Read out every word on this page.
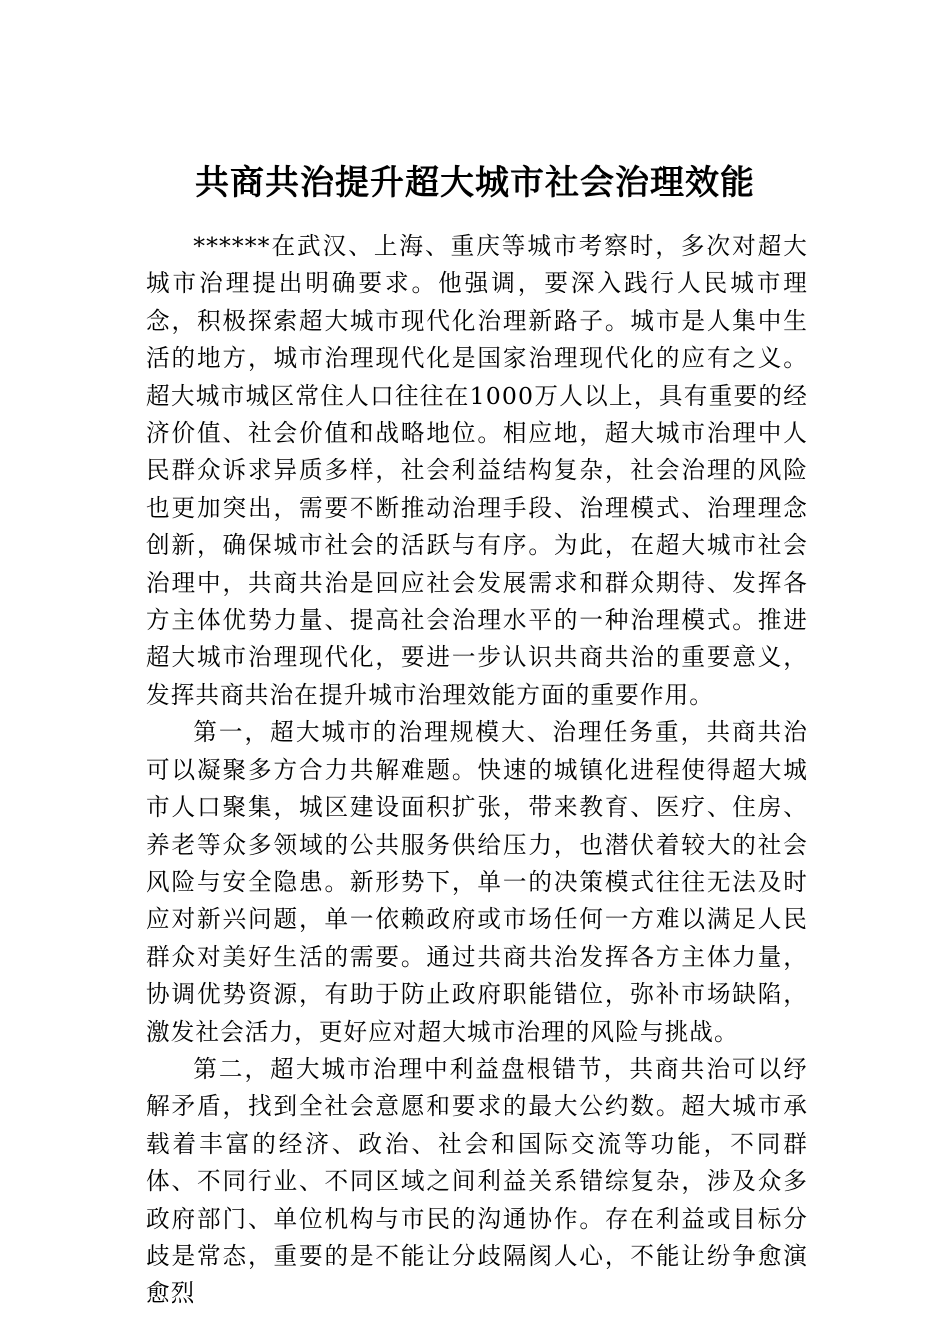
共商共治提升超大城市社会治理效能

******在武汉、上海、重庆等城市考察时，多次对超大城市治理提出明确要求。他强调，要深入践行人民城市理念，积极探索超大城市现代化治理新路子。城市是人集中生活的地方，城市治理现代化是国家治理现代化的应有之义。超大城市城区常住人口往往在1000万人以上，具有重要的经济价值、社会价值和战略地位。相应地，超大城市治理中人民群众诉求异质多样，社会利益结构复杂，社会治理的风险也更加突出，需要不断推动治理手段、治理模式、治理理念创新，确保城市社会的活跃与有序。为此，在超大城市社会治理中，共商共治是回应社会发展需求和群众期待、发挥各方主体优势力量、提高社会治理水平的一种治理模式。推进超大城市治理现代化，要进一步认识共商共治的重要意义，发挥共商共治在提升城市治理效能方面的重要作用。

第一，超大城市的治理规模大、治理任务重，共商共治可以凝聚多方合力共解难题。快速的城镇化进程使得超大城市人口聚集，城区建设面积扩张，带来教育、医疗、住房、养老等众多领域的公共服务供给压力，也潜伏着较大的社会风险与安全隐患。新形势下，单一的决策模式往往无法及时应对新兴问题，单一依赖政府或市场任何一方难以满足人民群众对美好生活的需要。通过共商共治发挥各方主体力量，协调优势资源，有助于防止政府职能错位，弥补市场缺陷，激发社会活力，更好应对超大城市治理的风险与挑战。

第二，超大城市治理中利益盘根错节，共商共治可以纾解矛盾，找到全社会意愿和要求的最大公约数。超大城市承载着丰富的经济、政治、社会和国际交流等功能，不同群体、不同行业、不同区域之间利益关系错综复杂，涉及众多政府部门、单位机构与市民的沟通协作。存在利益或目标分歧是常态，重要的是不能让分歧隔阂人心，不能让纷争愈演愈烈
